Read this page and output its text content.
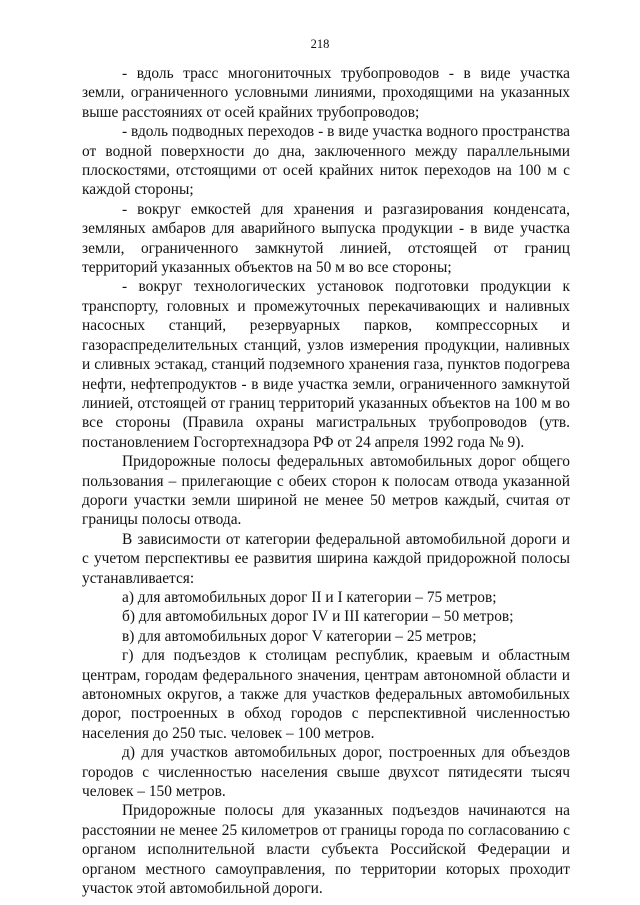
218

- вдоль трасс многониточных трубопроводов - в виде участка земли, ограниченного условными линиями, проходящими на указанных выше расстояниях от осей крайних трубопроводов;

- вдоль подводных переходов - в виде участка водного пространства от водной поверхности до дна, заключенного между параллельными плоскостями, отстоящими от осей крайних ниток переходов на 100 м с каждой стороны;

- вокруг емкостей для хранения и разгазирования конденсата, земляных амбаров для аварийного выпуска продукции - в виде участка земли, ограниченного замкнутой линией, отстоящей от границ территорий указанных объектов на 50 м во все стороны;

- вокруг технологических установок подготовки продукции к транспорту, головных и промежуточных перекачивающих и наливных насосных станций, резервуарных парков, компрессорных и газораспределительных станций, узлов измерения продукции, наливных и сливных эстакад, станций подземного хранения газа, пунктов подогрева нефти, нефтепродуктов - в виде участка земли, ограниченного замкнутой линией, отстоящей от границ территорий указанных объектов на 100 м во все стороны (Правила охраны магистральных трубопроводов (утв. постановлением Госгортехнадзора РФ от 24 апреля 1992 года № 9).

Придорожные полосы федеральных автомобильных дорог общего пользования – прилегающие с обеих сторон к полосам отвода указанной дороги участки земли шириной не менее 50 метров каждый, считая от границы полосы отвода.

В зависимости от категории федеральной автомобильной дороги и с учетом перспективы ее развития ширина каждой придорожной полосы устанавливается:

а) для автомобильных дорог II и I категории – 75 метров;

б) для автомобильных дорог IV и III категории – 50 метров;

в) для автомобильных дорог V категории – 25 метров;

г) для подъездов к столицам республик, краевым и областным центрам, городам федерального значения, центрам автономной области и автономных округов, а также для участков федеральных автомобильных дорог, построенных в обход городов с перспективной численностью населения до 250 тыс. человек – 100 метров.

д) для участков автомобильных дорог, построенных для объездов городов с численностью населения свыше двухсот пятидесяти тысяч человек – 150 метров.

Придорожные полосы для указанных подъездов начинаются на расстоянии не менее 25 километров от границы города по согласованию с органом исполнительной власти субъекта Российской Федерации и органом местного самоуправления, по территории которых проходит участок этой автомобильной дороги.
